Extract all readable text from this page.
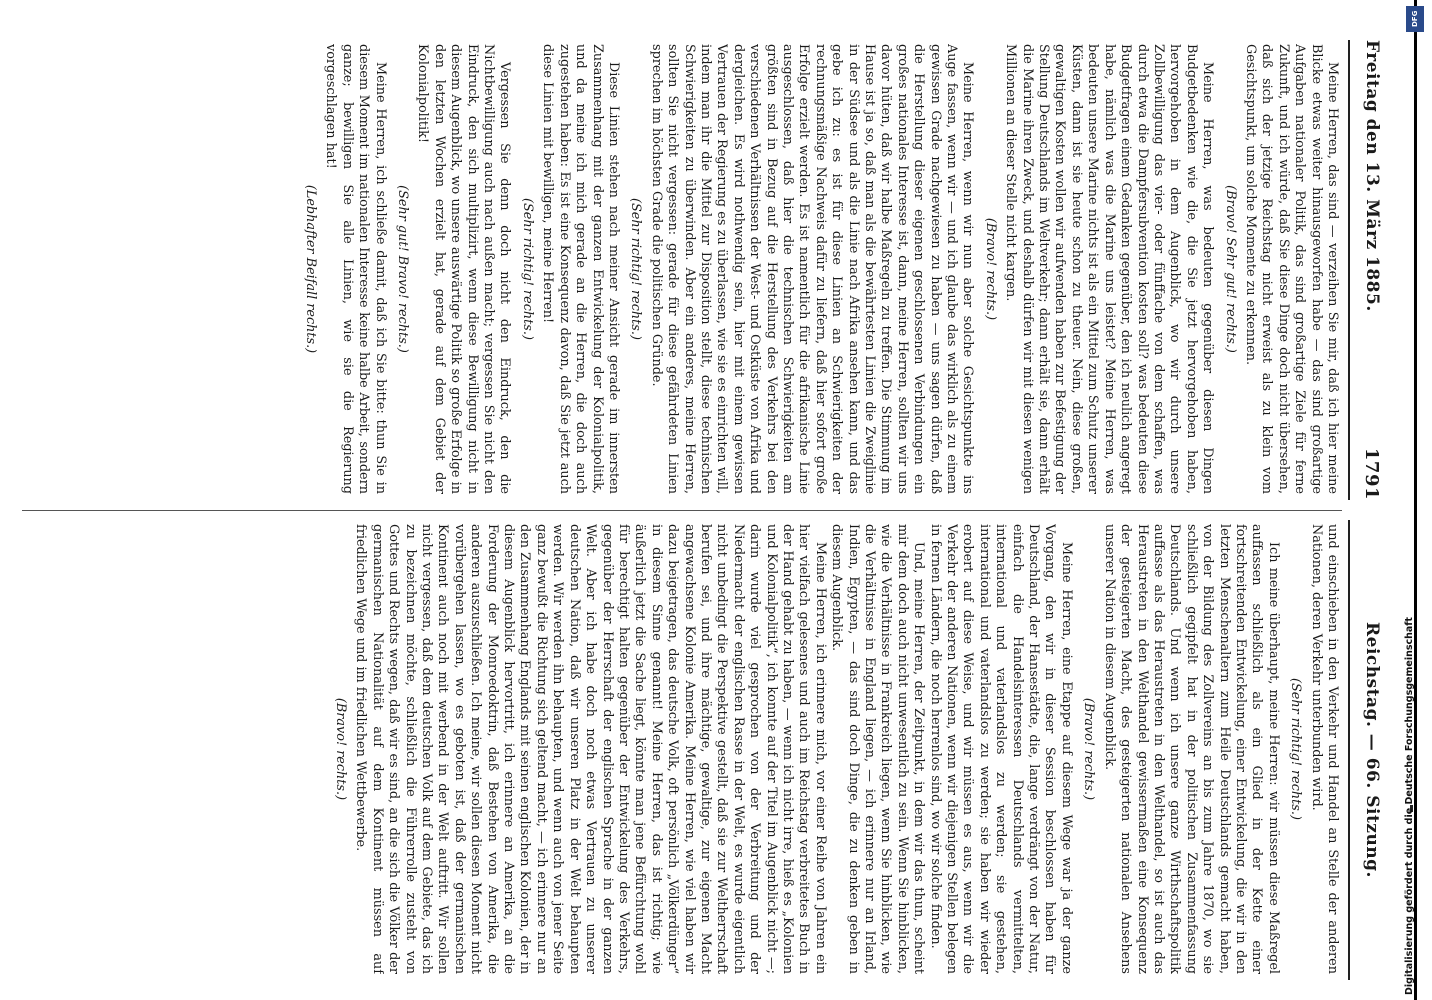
Freitag den 13. März 1885.
1791
Reichstag. — 66. Sitzung.

Meine Herren, das sind — verzeihen Sie mir, daß ich hier meine Blicke etwas weiter hinausgeworfen habe — das sind großartige Aufgaben nationaler Politik, das sind großartige Ziele für ferne Zukunft, und ich würde, daß Sie diese Dinge doch nicht übersehen, daß sich der jetzige Reichstag nicht erweist als zu klein vom Gesichtspunkt, um solche Momente zu erkennen.

(Bravo! Sehr gut! rechts.)

Meine Herren, was bedeuten gegenüber diesen Dingen Budgetbedenken wie die, die Sie jetzt hervorgehoben haben, hervorgehoben in dem Augenblick, wo wir durch unsere Zollbewilligung das vier- oder fünffache von dem schaffen, was durch etwa die Dampfersubvention kosten soll? was bedeuten diese Budgetfragen einem Gedanken gegenüber, den ich neulich angeregt habe, nämlich was die Marine uns leistet? Meine Herren, was bedeuten unsere Marine nichts ist als ein Mittel zum Schutz unserer Küsten, dann ist sie heute schon zu theuer. Nein, diese großen, gewaltigen Kosten wollen wir aufwenden haben zur Befestigung der Stellung Deutschlands im Weltverkehr; dann erhält sie, dann erhält die Marine ihren Zweck, und deshalb dürfen wir mit diesen wenigen Millionen an dieser Stelle nicht kargen.

(Bravo! rechts.)

Meine Herren, wenn wir nun aber solche Gesichtspunkte ins Auge fassen, wenn wir — und ich glaube das wirklich als zu einem gewissen Grade nachgewiesen zu haben — uns sagen dürfen, daß die Herstellung dieser eigenen geschlossenen Verbindungen ein großes nationales Interesse ist, dann, meine Herren, sollten wir uns davor hüten, daß wir halbe Maßregeln zu treffen. Die Stimmung im Hause ist ja so, daß man als die bewährtesten Linien die Zweiglinie in der Südsee und als die Linie nach Afrika ansehen kann, und das gebe ich zu: es ist für diese Linien an Schwierigkeiten der rechnungsmäßige Nachweis dafür zu liefern, daß hier sofort große Erfolge erzielt werden. Es ist namentlich für die afrikanische Linie ausgeschlossen, daß hier die technischen Schwierigkeiten am größten sind in Bezug auf die Herstellung des Verkehrs bei den verschiedenen Verhältnissen der West- und Ostküste von Afrika und dergleichen. Es wird nothwendig sein, hier mit einem gewissen Vertrauen der Regierung es zu überlassen, wie sie es einrichten will, indem man ihr die Mittel zur Disposition stellt, diese technischen Schwierigkeiten zu überwinden. Aber ein anderes, meine Herren, sollten Sie nicht vergessen: gerade für diese gefährdeten Linien sprechen im höchsten Grade die politischen Gründe.

(Sehr richtig! rechts.)

Diese Linien stehen nach meiner Ansicht gerade im innersten Zusammenhang mit der ganzen Entwickelung der Kolonialpolitik, und da meine ich mich gerade an die Herren, die doch auch zugestehen haben: Es ist eine Konsequenz davon, daß Sie jetzt auch diese Linien mit bewilligen, meine Herren!

(Sehr richtig! rechts.)

Vergessen Sie denn doch nicht den Eindruck, den die Nichtbewilligung auch nach außen macht; vergessen Sie nicht den Eindruck, den sich multiplizirt, wenn diese Bewilligung nicht in diesem Augenblick, wo unsere auswärtige Politik so große Erfolge in den letzten Wochen erzielt hat, gerade auf dem Gebiet der Kolonialpolitik!

(Sehr gut! Bravo! rechts.)

Meine Herren, ich schließe damit, daß ich Sie bitte: thun Sie in diesem Moment im nationalen Interesse keine halbe Arbeit, sondern ganze; bewilligen Sie alle Linien, wie sie die Regierung vorgeschlagen hat!

(Lebhafter Beifall rechts.)

und einschieben in den Verkehr und Handel an Stelle der anderen Nationen, deren Verkehr unterbunden wird.

(Sehr richtig! rechts.)

Ich meine überhaupt, meine Herren: wir müssen diese Maßregel auffassen schließlich als ein Glied in der Kette einer fortschreitenden Entwickelung, einer Entwickelung, die wir in den letzten Menschenaltern zum Heile Deutschlands gemacht haben, von der Bildung des Zollvereins an bis zum Jahre 1870, wo sie schließlich gegipfelt hat in der politischen Zusammenfassung Deutschlands. Und wenn ich unsere ganze Wirthschaftspolitik auffasse als das Heraustreten in den Welthandel, so ist auch das Heraustreten in den Welthandel gewissermaßen eine Konsequenz der gesteigerten Macht, des gesteigerten nationalen Ansehens unserer Nation in diesem Augenblick.

(Bravo! rechts.)

Meine Herren, eine Etappe auf diesem Wege war ja der ganze Vorgang, den wir in dieser Session beschlossen haben für Deutschland, der Hansestädte, die, lange verdrängt von der Natur, einfach die Handelsinteressen Deutschlands vermittelten, international und vaterlandslos zu werden; sie gestehen, international und vaterlandslos zu werden; sie haben wir wieder erobert auf diese Weise, und wir müssen es aus, wenn wir die Verkehr der anderen Nationen, wenn wir diejenigen Stellen belegen in fernen Ländern, die noch herrenlos sind, wo wir solche finden.

Und, meine Herren, der Zeitpunkt, in dem wir das thun, scheint mir dem doch auch nicht unwesentlich zu sein. Wenn Sie hinblicken, wie die Verhältnisse in Frankreich liegen, wenn Sie hinblicken, wie die Verhältnisse in England liegen, — ich erinnere nur an Irland, Indien, Egypten, — das sind doch Dinge, die zu denken geben in diesem Augenblick.

Meine Herren, ich erinnere mich, vor einer Reihe von Jahren ein hier vielfach gelesenes und auch im Reichstag verbreitetes Buch in der Hand gehabt zu haben, — wenn ich nicht irre, hieß es „Kolonien und Kolonialpolitik“, ich konnte auf der Titel im Augenblick nicht —; darin wurde viel gesprochen von der Verbreitung und der Niedermacht der englischen Rasse in der Welt, es wurde eigentlich nicht unbedingt die Perspektive gestellt, daß sie zur Weltherrschaft berufen sei, und ihre mächtige, gewaltige, zur eigenen Macht angewachsene Kolonie Amerika. Meine Herren, wie viel haben wir dazu beigetragen, das deutsche Volk, oft persönlich „Völkerdünger“ in diesem Sinne genannt! Meine Herren, das ist richtig; wie äußerlich jetzt die Sache liegt, könnte man jene Befürchtung wohl für berechtigt halten gegenüber der Entwickelung des Verkehrs, gegenüber der Herrschaft der englischen Sprache in der ganzen Welt. Aber ich habe doch noch etwas Vertrauen zu unserer deutschen Nation, daß wir unseren Platz in der Welt behaupten werden. Wir werden ihn behaupten, und wenn auch von jener Seite ganz bewußt die Richtung sich geltend macht, — ich erinnere nur an den Zusammenhang Englands mit seinen englischen Kolonien, der in diesem Augenblick hervortritt, ich erinnere an Amerika, an die Forderung der Monroedoktrin, daß Bestehen von Amerika, die anderen auszuschließen. Ich meine, wir sollen diesen Moment nicht vorübergehen lassen, wo es geboten ist, daß der germanischen Kontinent auch noch mit werbend in der Welt auftritt. Wir sollen nicht vergessen, daß dem deutschen Volk auf dem Gebiete, das ich zu bezeichnen möchte, schließlich die Führerrolle zusteht von Gottes und Rechts wegen, daß wir es sind, an die sich die Völker der germanischen Nationalität auf dem Kontinent müssen auf friedlichen Wege und im friedlichen Wettbewerbe.

(Bravo! rechts.)

DFG
Digitalisierung gefördert durch die Deutsche Forschungsgemeinschaft
